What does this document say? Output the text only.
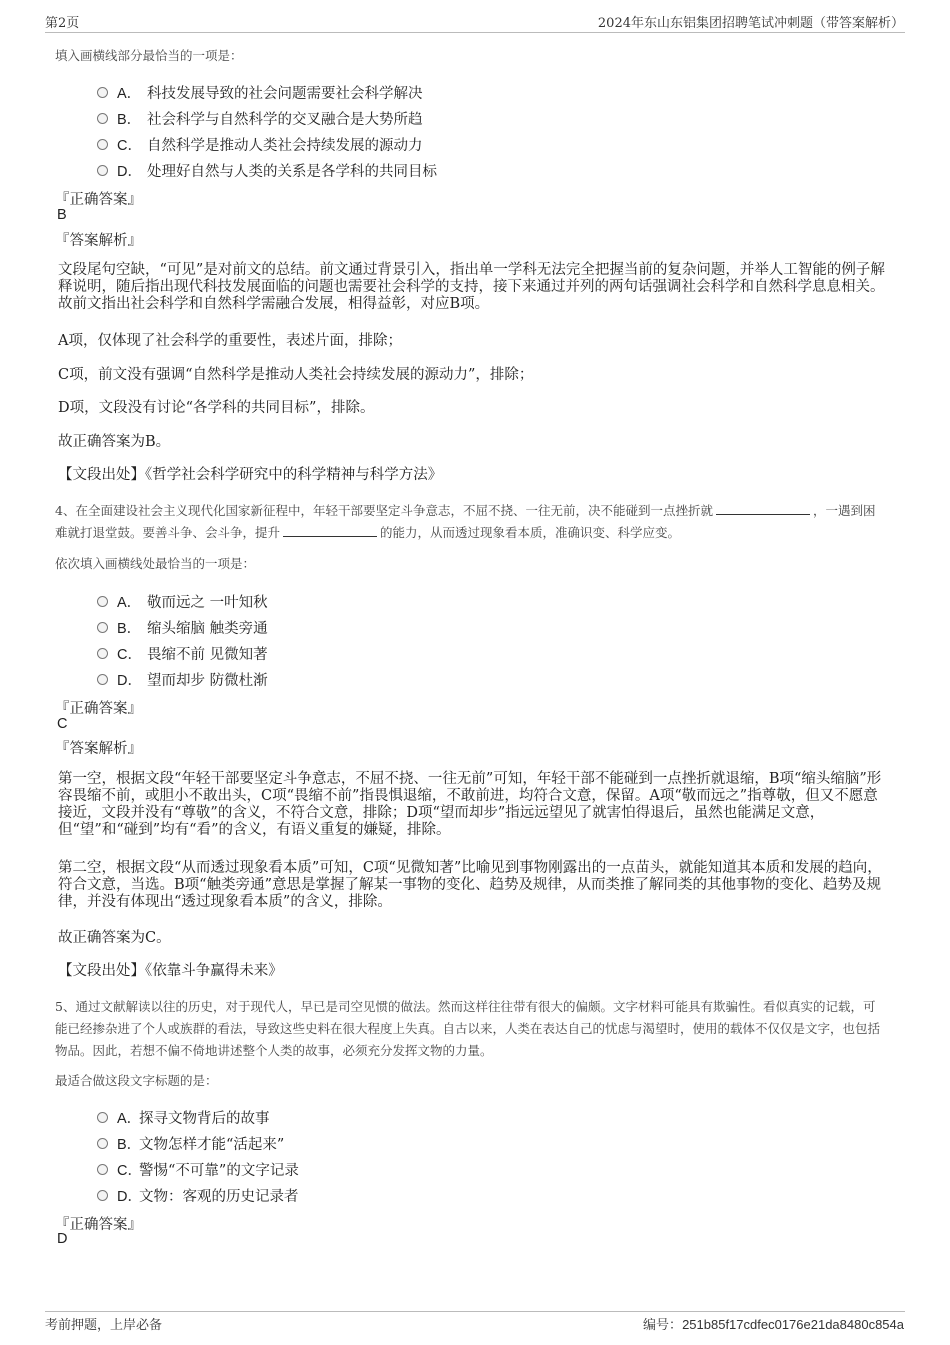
第2页	2024年东山东铝集团招聘笔试冲刺题（带答案解析）
填入画横线部分最恰当的一项是：
A． 科技发展导致的社会问题需要社会科学解决
B． 社会科学与自然科学的交叉融合是大势所趋
C． 自然科学是推动人类社会持续发展的源动力
D． 处理好自然与人类的关系是各学科的共同目标
『正确答案』
B
『答案解析』
文段尾句空缺，“可见”是对前文的总结。前文通过背景引入，指出单一学科无法完全把握当前的复杂问题，并举人工智能的例子解释说明，随后指出现代科技发展面临的问题也需要社会科学的支持，接下来通过并列的两句话强调社会科学和自然科学息息相关。故前文指出社会科学和自然科学需融合发展，相得益彰，对应B项。
A项，仅体现了社会科学的重要性，表述片面，排除；
C项，前文没有强调“自然科学是推动人类社会持续发展的源动力”，排除；
D项，文段没有讨论“各学科的共同目标”，排除。
故正确答案为B。
【文段出处】《哲学社会科学研究中的科学精神与科学方法》
4、在全面建设社会主义现代化国家新征程中，年轻干部要坚定斗争意志，不屈不挠、一往无前，决不能碰到一点挫折就	，一遇到困难就打退堂鼓。要善斗争、会斗争，提升	的能力，从而透过现象看本质，准确识变、科学应变。
依次填入画横线处最恰当的一项是：
A． 敬而远之 一叶知秋
B． 缩头缩脑 触类旁通
C． 畏缩不前 见微知著
D． 望而却步 防微杜渐
『正确答案』
C
『答案解析』
第一空，根据文段“年轻干部要坚定斗争意志，不屈不挠、一往无前”可知，年轻干部不能碰到一点挫折就退缩，B项“缩头缩脑”形容畏缩不前，或胆小不敢出头，C项“畏缩不前”指畏惧退缩，不敢前进，均符合文意，保留。A项“敬而远之”指尊敬，但又不愿意接近，文段并没有“尊敬”的含义，不符合文意，排除；D项“望而却步”指远远望见了就害怕得退后，虽然也能满足文意，但“望”和“碰到”均有“看”的含义，有语义重复的嫌疑，排除。
第二空，根据文段“从而透过现象看本质”可知，C项“见微知著”比喻见到事物刚露出的一点苗头，就能知道其本质和发展的趋向，符合文意，当选。B项“触类旁通”意思是掌握了解某一事物的变化、趋势及规律，从而类推了解同类的其他事物的变化、趋势及规律，并没有体现出“透过现象看本质”的含义，排除。
故正确答案为C。
【文段出处】《依靠斗争赢得未来》
5、通过文献解读以往的历史，对于现代人，早已是司空见惯的做法。然而这样往往带有很大的偏颇。文字材料可能具有欺骗性。看似真实的记载，可能已经掺杂进了个人或族群的看法，导致这些史料在很大程度上失真。自古以来，人类在表达自己的忧虑与渴望时，使用的载体不仅仅是文字，也包括物品。因此，若想不偏不倚地讲述整个人类的故事，必须充分发挥文物的力量。
最适合做这段文字标题的是：
A．
探寻文物背后的故事
B．
文物怎样才能“活起来”
C．
警惕“不可靠”的文字记录
D．
文物：客观的历史记录者
『正确答案』
D
考前押题，上岸必备	编号：251b85f17cdfec0176e21da8480c854a
